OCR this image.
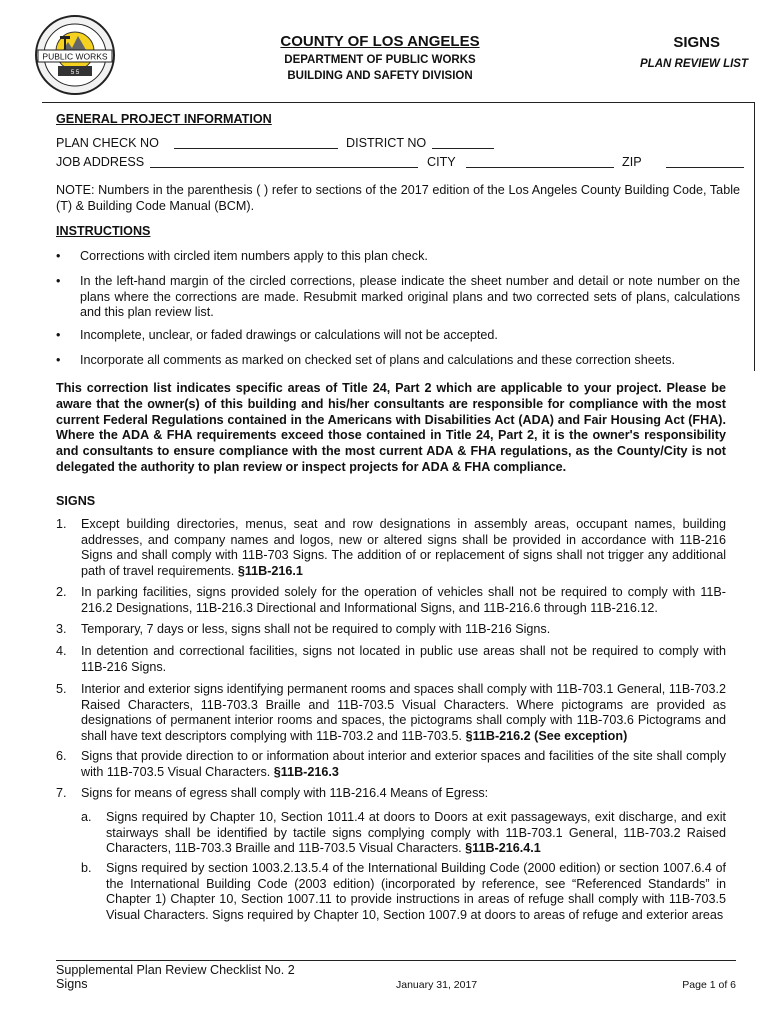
PUBLIC WORKS
5 5
COUNTY OF LOS ANGELES
DEPARTMENT OF PUBLIC WORKS
BUILDING AND SAFETY DIVISION
SIGNS
PLAN REVIEW LIST
GENERAL PROJECT INFORMATION
PLAN CHECK NO	DISTRICT NO
JOB ADDRESS	CITY	ZIP
NOTE: Numbers in the parenthesis ( ) refer to sections of the 2017 edition of the Los Angeles County Building Code, Table (T) & Building Code Manual (BCM).
INSTRUCTIONS
• Corrections with circled item numbers apply to this plan check.
• In the left-hand margin of the circled corrections, please indicate the sheet number and detail or note number on the plans where the corrections are made. Resubmit marked original plans and two corrected sets of plans, calculations and this plan review list.
• Incomplete, unclear, or faded drawings or calculations will not be accepted.
• Incorporate all comments as marked on checked set of plans and calculations and these correction sheets.
This correction list indicates specific areas of Title 24, Part 2 which are applicable to your project. Please be aware that the owner(s) of this building and his/her consultants are responsible for compliance with the most current Federal Regulations contained in the Americans with Disabilities Act (ADA) and Fair Housing Act (FHA). Where the ADA & FHA requirements exceed those contained in Title 24, Part 2, it is the owner's responsibility and consultants to ensure compliance with the most current ADA & FHA regulations, as the County/City is not delegated the authority to plan review or inspect projects for ADA & FHA compliance.
SIGNS
1. Except building directories, menus, seat and row designations in assembly areas, occupant names, building addresses, and company names and logos, new or altered signs shall be provided in accordance with 11B-216 Signs and shall comply with 11B-703 Signs. The addition of or replacement of signs shall not trigger any additional path of travel requirements. §11B-216.1
2. In parking facilities, signs provided solely for the operation of vehicles shall not be required to comply with 11B-216.2 Designations, 11B-216.3 Directional and Informational Signs, and 11B-216.6 through 11B-216.12.
3. Temporary, 7 days or less, signs shall not be required to comply with 11B-216 Signs.
4. In detention and correctional facilities, signs not located in public use areas shall not be required to comply with 11B-216 Signs.
5. Interior and exterior signs identifying permanent rooms and spaces shall comply with 11B-703.1 General, 11B-703.2 Raised Characters, 11B-703.3 Braille and 11B-703.5 Visual Characters. Where pictograms are provided as designations of permanent interior rooms and spaces, the pictograms shall comply with 11B-703.6 Pictograms and shall have text descriptors complying with 11B-703.2 and 11B-703.5. §11B-216.2 (See exception)
6. Signs that provide direction to or information about interior and exterior spaces and facilities of the site shall comply with 11B-703.5 Visual Characters. §11B-216.3
7. Signs for means of egress shall comply with 11B-216.4 Means of Egress:
a. Signs required by Chapter 10, Section 1011.4 at doors to Doors at exit passageways, exit discharge, and exit stairways shall be identified by tactile signs complying comply with 11B-703.1 General, 11B-703.2 Raised Characters, 11B-703.3 Braille and 11B-703.5 Visual Characters. §11B-216.4.1
b. Signs required by section 1003.2.13.5.4 of the International Building Code (2000 edition) or section 1007.6.4 of the International Building Code (2003 edition) (incorporated by reference, see “Referenced Standards” in Chapter 1) Chapter 10, Section 1007.11 to provide instructions in areas of refuge shall comply with 11B-703.5 Visual Characters. Signs required by Chapter 10, Section 1007.9 at doors to areas of refuge and exterior areas
Supplemental Plan Review Checklist No. 2
Signs	January 31, 2017	Page 1 of 6
